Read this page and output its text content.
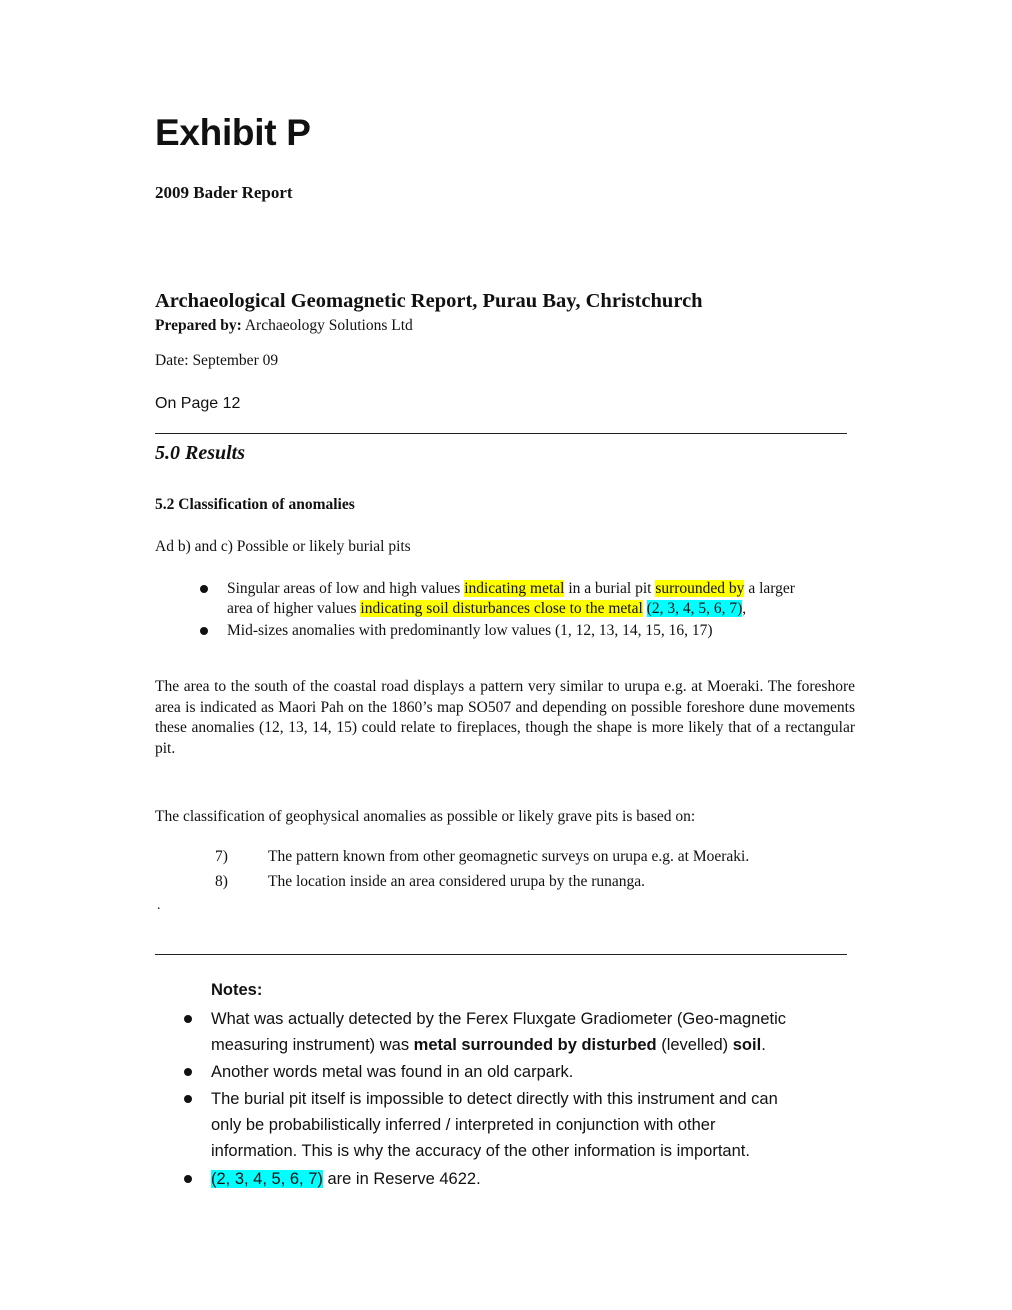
Exhibit P
2009 Bader Report
Archaeological Geomagnetic Report, Purau Bay, Christchurch
Prepared by: Archaeology Solutions Ltd
Date: September 09
On Page 12
5.0 Results
5.2 Classification of anomalies
Ad b) and c) Possible or likely burial pits
Singular areas of low and high values indicating metal in a burial pit surrounded by a larger
area of higher values indicating soil disturbances close to the metal (2, 3, 4, 5, 6, 7),
Mid-sizes anomalies with predominantly low values (1, 12, 13, 14, 15, 16, 17)
The area to the south of the coastal road displays a pattern very similar to urupa e.g. at Moeraki. The foreshore area is indicated as Maori Pah on the 1860’s map SO507 and depending on possible foreshore dune movements these anomalies (12, 13, 14, 15) could relate to fireplaces, though the shape is more likely that of a rectangular pit.
The classification of geophysical anomalies as possible or likely grave pits is based on:
7)	The pattern known from other geomagnetic surveys on urupa e.g. at Moeraki.
8)	The location inside an area considered urupa by the runanga.
.
Notes:
What was actually detected by the Ferex Fluxgate Gradiometer (Geo-magnetic
measuring instrument) was metal surrounded by disturbed (levelled) soil.
Another words metal was found in an old carpark.
The burial pit itself is impossible to detect directly with this instrument and can
only be probabilistically inferred / interpreted in conjunction with other
information. This is why the accuracy of the other information is important.
(2, 3, 4, 5, 6, 7) are in Reserve 4622.
